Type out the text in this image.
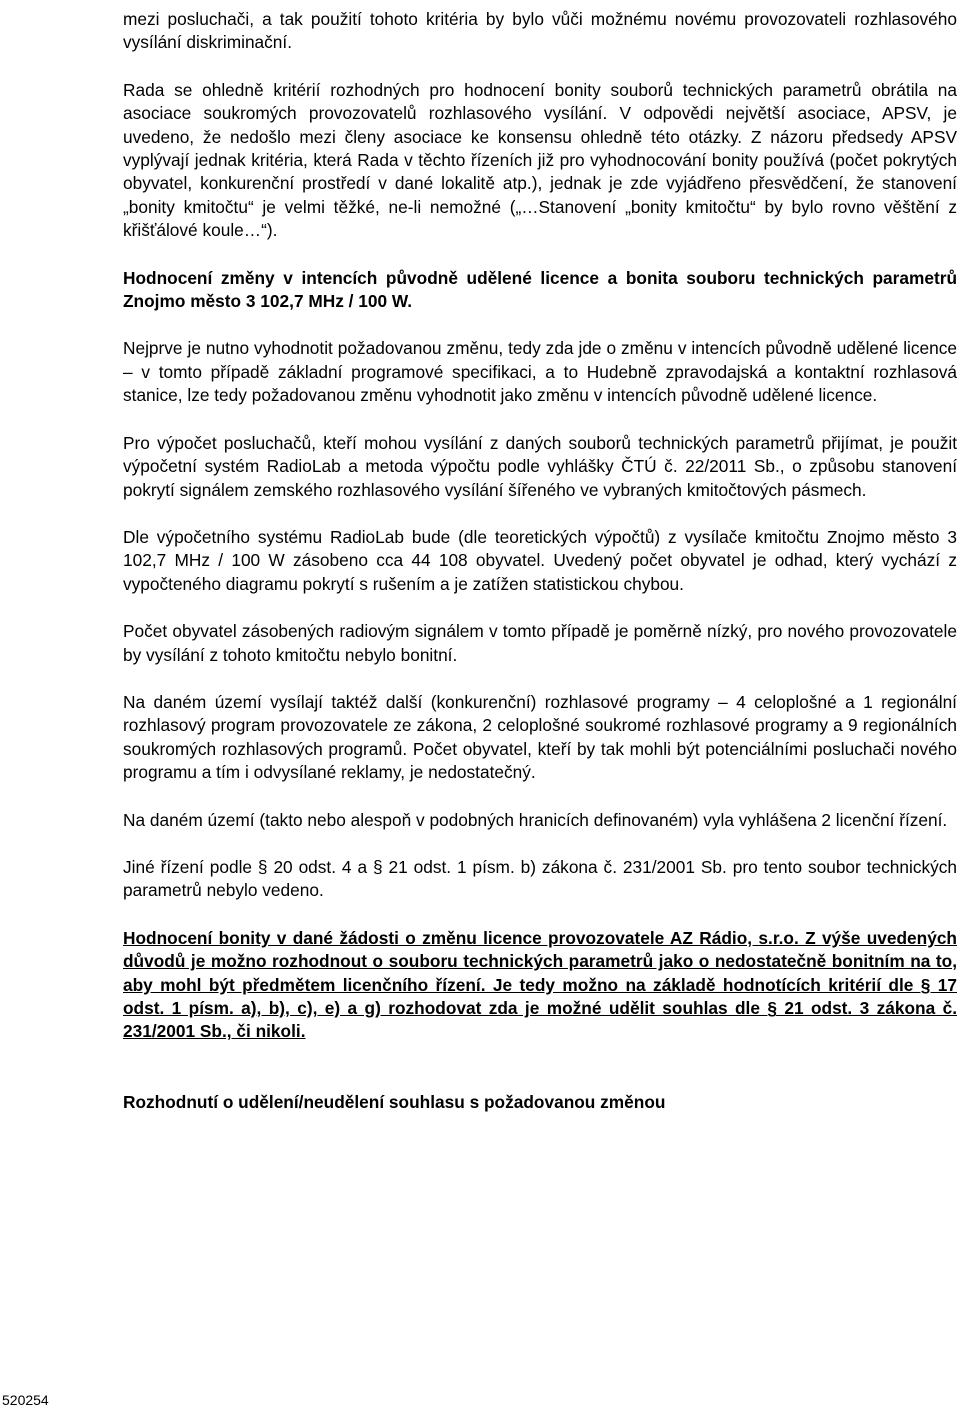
mezi posluchači, a tak použití tohoto kritéria by bylo vůči možnému novému provozovateli rozhlasového vysílání diskriminační.

Rada se ohledně kritérií rozhodných pro hodnocení bonity souborů technických parametrů obrátila na asociace soukromých provozovatelů rozhlasového vysílání. V odpovědi největší asociace, APSV, je uvedeno, že nedošlo mezi členy asociace ke konsensu ohledně této otázky. Z názoru předsedy APSV vyplývají jednak kritéria, která Rada v těchto řízeních již pro vyhodnocování bonity používá (počet pokrytých obyvatel, konkurenční prostředí v dané lokalitě atp.), jednak je zde vyjádřeno přesvědčení, že stanovení „bonity kmitočtu“ je velmi těžké, ne-li nemožné („…Stanovení „bonity kmitočtu“ by bylo rovno věštění z křišťálové koule…“).

Hodnocení změny v intencích původně udělené licence a bonita souboru technických parametrů Znojmo město 3 102,7 MHz / 100 W.

Nejprve je nutno vyhodnotit požadovanou změnu, tedy zda jde o změnu v intencích původně udělené licence – v tomto případě základní programové specifikaci, a to Hudebně zpravodajská a kontaktní rozhlasová stanice, lze tedy požadovanou změnu vyhodnotit jako změnu v intencích původně udělené licence.

Pro výpočet posluchačů, kteří mohou vysílání z daných souborů technických parametrů přijímat, je použit výpočetní systém RadioLab a metoda výpočtu podle vyhlášky ČTÚ č. 22/2011 Sb., o způsobu stanovení pokrytí signálem zemského rozhlasového vysílání šířeného ve vybraných kmitočtových pásmech.

Dle výpočetního systému RadioLab bude (dle teoretických výpočtů) z vysílače kmitočtu Znojmo město 3 102,7 MHz / 100 W zásobeno cca 44 108 obyvatel. Uvedený počet obyvatel je odhad, který vychází z vypočteného diagramu pokrytí s rušením a je zatížen statistickou chybou.

Počet obyvatel zásobených radiovým signálem v tomto případě je poměrně nízký, pro nového provozovatele by vysílání z tohoto kmitočtu nebylo bonitní.

Na daném území vysílají taktéž další (konkurenční) rozhlasové programy – 4 celoplošné a 1 regionální rozhlasový program provozovatele ze zákona, 2 celoplošné soukromé rozhlasové programy a 9 regionálních soukromých rozhlasových programů. Počet obyvatel, kteří by tak mohli být potenciálními posluchači nového programu a tím i odvysílané reklamy, je nedostatečný.

Na daném území (takto nebo alespoň v podobných hranicích definovaném) vyla vyhlášena 2 licenční řízení.

Jiné řízení podle § 20 odst. 4 a § 21 odst. 1 písm. b) zákona č. 231/2001 Sb. pro tento soubor technických parametrů nebylo vedeno.

Hodnocení bonity v dané žádosti o změnu licence provozovatele AZ Rádio, s.r.o. Z výše uvedených důvodů je možno rozhodnout o souboru technických parametrů jako o nedostatečně bonitním na to, aby mohl být předmětem licenčního řízení. Je tedy možno na základě hodnotících kritérií dle § 17 odst. 1 písm. a), b), c), e) a g) rozhodovat zda je možné udělit souhlas dle § 21 odst. 3 zákona č. 231/2001 Sb., či nikoli.

Rozhodnutí o udělení/neudělení souhlasu s požadovanou změnou

520254
